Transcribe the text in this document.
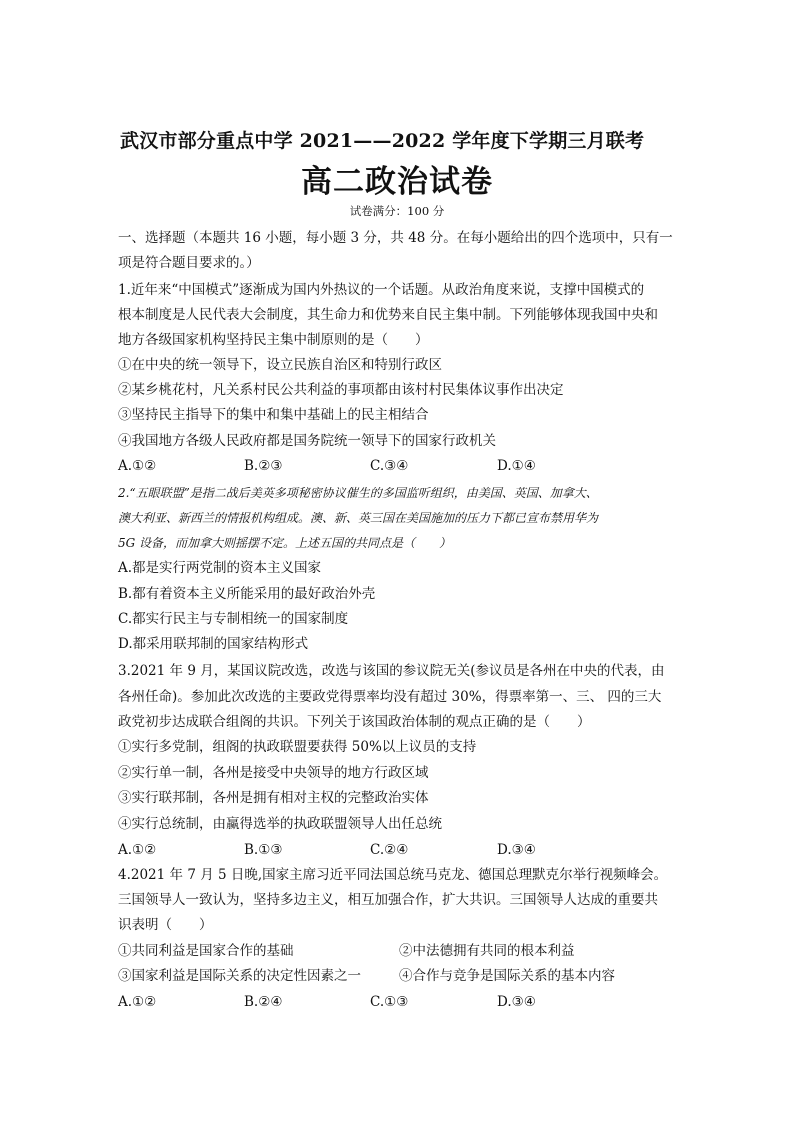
武汉市部分重点中学 2021——2022 学年度下学期三月联考
高二政治试卷
试卷满分：100 分
一、选择题（本题共 16 小题，每小题 3 分，共 48 分。在每小题给出的四个选项中，只有一
项是符合题目要求的。）
1.近年来“中国模式”逐渐成为国内外热议的一个话题。从政治角度来说，支撑中国模式的
根本制度是人民代表大会制度，其生命力和优势来自民主集中制。下列能够体现我国中央和
地方各级国家机构坚持民主集中制原则的是（　　）
①在中央的统一领导下，设立民族自治区和特别行政区
②某乡桃花村，凡关系村民公共利益的事项都由该村村民集体议事作出决定
③坚持民主指导下的集中和集中基础上的民主相结合
④我国地方各级人民政府都是国务院统一领导下的国家行政机关
A.①②	B.②③	C.③④	D.①④
2.“五眼联盟”是指二战后美英多项秘密协议催生的多国监听组织，由美国、英国、加拿大、
澳大利亚、新西兰的情报机构组成。澳、新、英三国在美国施加的压力下都已宣布禁用华为
5G 设备，而加拿大则摇摆不定。上述五国的共同点是（　　）
A.都是实行两党制的资本主义国家
B.都有着资本主义所能采用的最好政治外壳
C.都实行民主与专制相统一的国家制度
D.都采用联邦制的国家结构形式
3.2021 年 9 月，某国议院改选，改选与该国的参议院无关(参议员是各州在中央的代表，由
各州任命)。参加此次改选的主要政党得票率均没有超过 30%，得票率第一、三、 四的三大
政党初步达成联合组阁的共识。下列关于该国政治体制的观点正确的是（　　）
①实行多党制，组阁的执政联盟要获得 50%以上议员的支持
②实行单一制，各州是接受中央领导的地方行政区域
③实行联邦制，各州是拥有相对主权的完整政治实体
④实行总统制，由赢得选举的执政联盟领导人出任总统
A.①②	B.①③	C.②④	D.③④
4.2021 年 7 月 5 日晚,国家主席习近平同法国总统马克龙、德国总理默克尔举行视频峰会。
三国领导人一致认为，坚持多边主义，相互加强合作，扩大共识。三国领导人达成的重要共
识表明（　　）
①共同利益是国家合作的基础	②中法德拥有共同的根本利益
③国家利益是国际关系的决定性因素之一	④合作与竞争是国际关系的基本内容
A.①②	B.②④	C.①③	D.③④
